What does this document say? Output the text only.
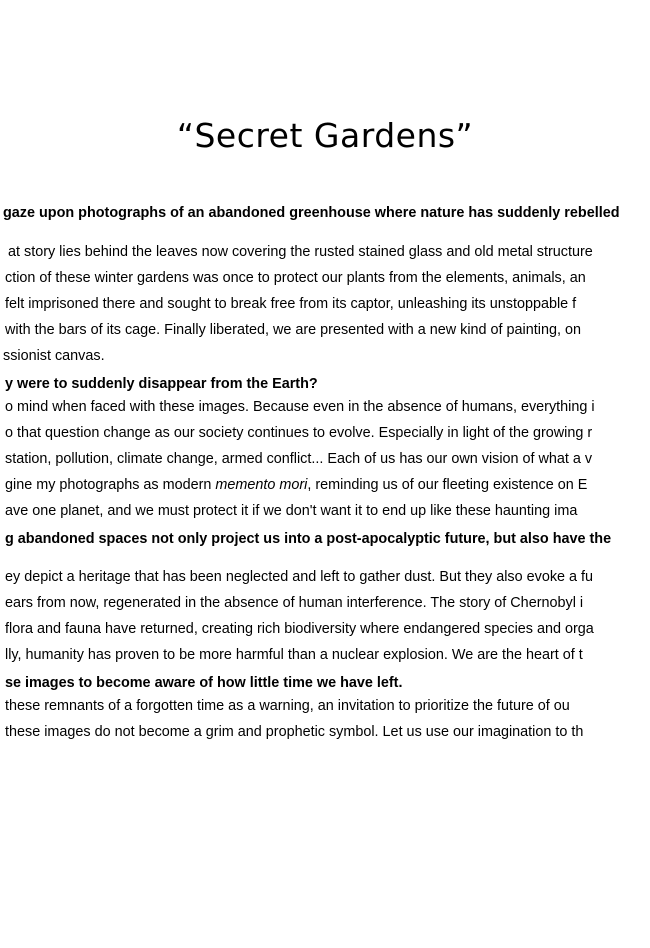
“Secret Gardens”

gaze upon photographs of an abandoned greenhouse where nature has suddenly rebelled

at story lies behind the leaves now covering the rusted stained glass and old metal structure

ction of these winter gardens was once to protect our plants from the elements, animals, an

felt imprisoned there and sought to break free from its captor, unleashing its unstoppable f

with the bars of its cage. Finally liberated, we are presented with a new kind of painting, on

ssionist canvas.

y were to suddenly disappear from the Earth?

o mind when faced with these images. Because even in the absence of humans, everything i

o that question change as our society continues to evolve. Especially in light of the growing r

station, pollution, climate change, armed conflict... Each of us has our own vision of what a v

gine my photographs as modern memento mori, reminding us of our fleeting existence on E

ave one planet, and we must protect it if we don't want it to end up like these haunting ima

g abandoned spaces not only project us into a post-apocalyptic future, but also have the

ey depict a heritage that has been neglected and left to gather dust. But they also evoke a fu

ears from now, regenerated in the absence of human interference. The story of Chernobyl i

flora and fauna have returned, creating rich biodiversity where endangered species and orga

lly, humanity has proven to be more harmful than a nuclear explosion. We are the heart of t

se images to become aware of how little time we have left.

these remnants of a forgotten time as a warning, an invitation to prioritize the future of ou

these images do not become a grim and prophetic symbol. Let us use our imagination to th
